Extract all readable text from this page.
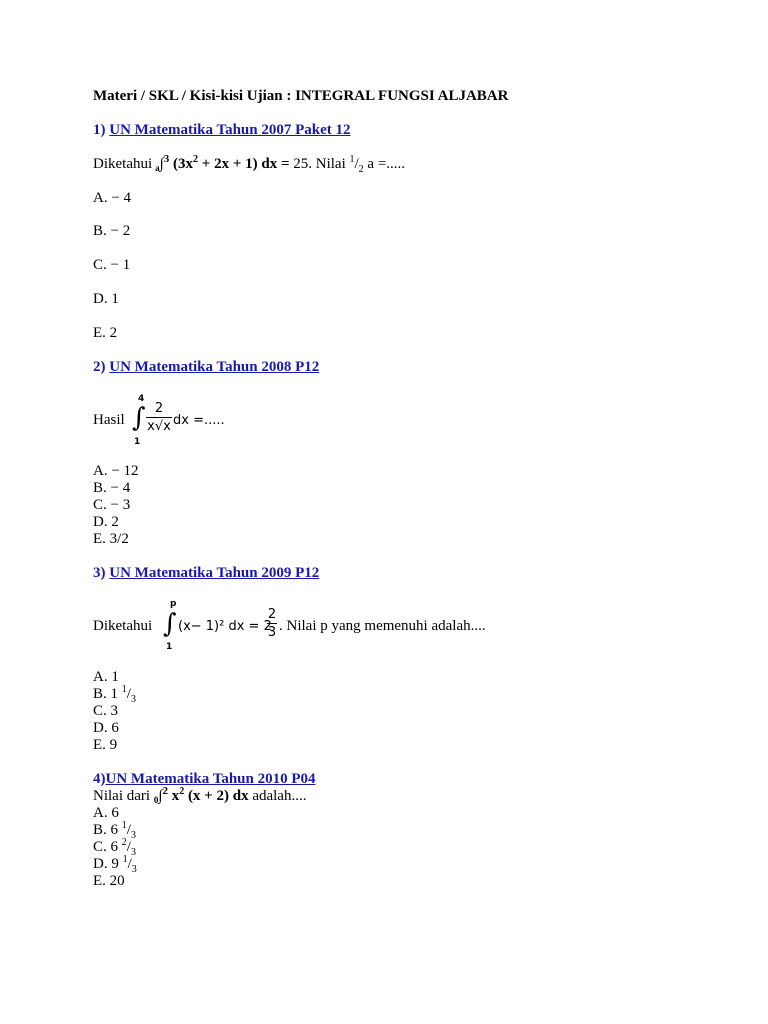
Materi / SKL / Kisi-kisi Ujian : INTEGRAL FUNGSI ALJABAR
1) UN Matematika Tahun 2007 Paket 12
Diketahui $_a$∫$^3$ $(3x^2 + 2x + 1)$ dx = 25. Nilai $^1/_2$ a =.....
A. − 4
B. − 2
C. − 1
D. 1
E. 2
2) UN Matematika Tahun 2008 P12
Hasil
4
∫
1
2
x√x dx =.....
A. − 12
B. − 4
C. − 3
D. 2
E. 3/2
3) UN Matematika Tahun 2009 P12
Diketahui
p
∫
1
(x− 1)² dx = 2
2
3 . Nilai p yang memenuhi adalah....
A. 1
B. 1 $^1/_3$
C. 3
D. 6
E. 9
4)UN Matematika Tahun 2010 P04
Nilai dari $_0$∫$^2$ $x^2$ (x + 2) dx adalah....
A. 6
B. 6 $^1/_3$
C. 6 $^2/_3$
D. 9 $^1/_3$
E. 20
